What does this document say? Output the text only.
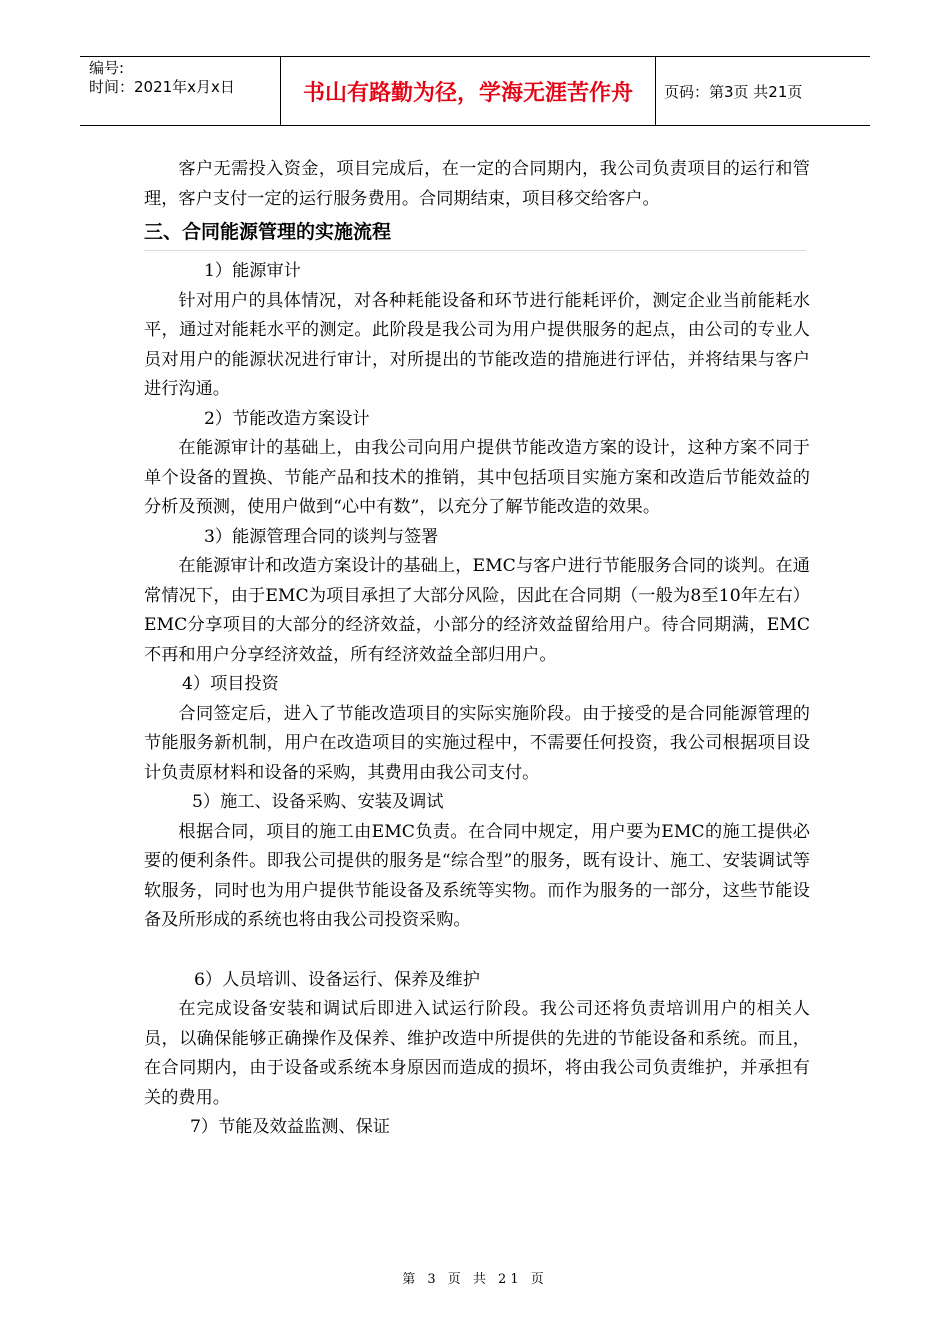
编号:
时间：2021年x月x日	书山有路勤为径，学海无涯苦作舟	页码：第3页 共21页

客户无需投入资金，项目完成后，在一定的合同期内，我公司负责项目的运行和管理，客户支付一定的运行服务费用。合同期结束，项目移交给客户。

三、合同能源管理的实施流程
1）能源审计

针对用户的具体情况，对各种耗能设备和环节进行能耗评价，测定企业当前能耗水平，通过对能耗水平的测定。此阶段是我公司为用户提供服务的起点，由公司的专业人员对用户的能源状况进行审计，对所提出的节能改造的措施进行评估，并将结果与客户进行沟通。

2）节能改造方案设计

在能源审计的基础上，由我公司向用户提供节能改造方案的设计，这种方案不同于单个设备的置换、节能产品和技术的推销，其中包括项目实施方案和改造后节能效益的分析及预测，使用户做到“心中有数”，以充分了解节能改造的效果。

3）能源管理合同的谈判与签署

在能源审计和改造方案设计的基础上，EMC与客户进行节能服务合同的谈判。在通常情况下，由于EMC为项目承担了大部分风险，因此在合同期（一般为8至10年左右）EMC分享项目的大部分的经济效益，小部分的经济效益留给用户。待合同期满，EMC不再和用户分享经济效益，所有经济效益全部归用户。

4）项目投资

合同签定后，进入了节能改造项目的实际实施阶段。由于接受的是合同能源管理的节能服务新机制，用户在改造项目的实施过程中，不需要任何投资，我公司根据项目设计负责原材料和设备的采购，其费用由我公司支付。

5）施工、设备采购、安装及调试

根据合同，项目的施工由EMC负责。在合同中规定，用户要为EMC的施工提供必要的便利条件。即我公司提供的服务是“综合型”的服务，既有设计、施工、安装调试等软服务，同时也为用户提供节能设备及系统等实物。而作为服务的一部分，这些节能设备及所形成的系统也将由我公司投资采购。

6）人员培训、设备运行、保养及维护

在完成设备安装和调试后即进入试运行阶段。我公司还将负责培训用户的相关人员，以确保能够正确操作及保养、维护改造中所提供的先进的节能设备和系统。而且，在合同期内，由于设备或系统本身原因而造成的损坏，将由我公司负责维护，并承担有关的费用。

7）节能及效益监测、保证
第 3 页 共 21 页
